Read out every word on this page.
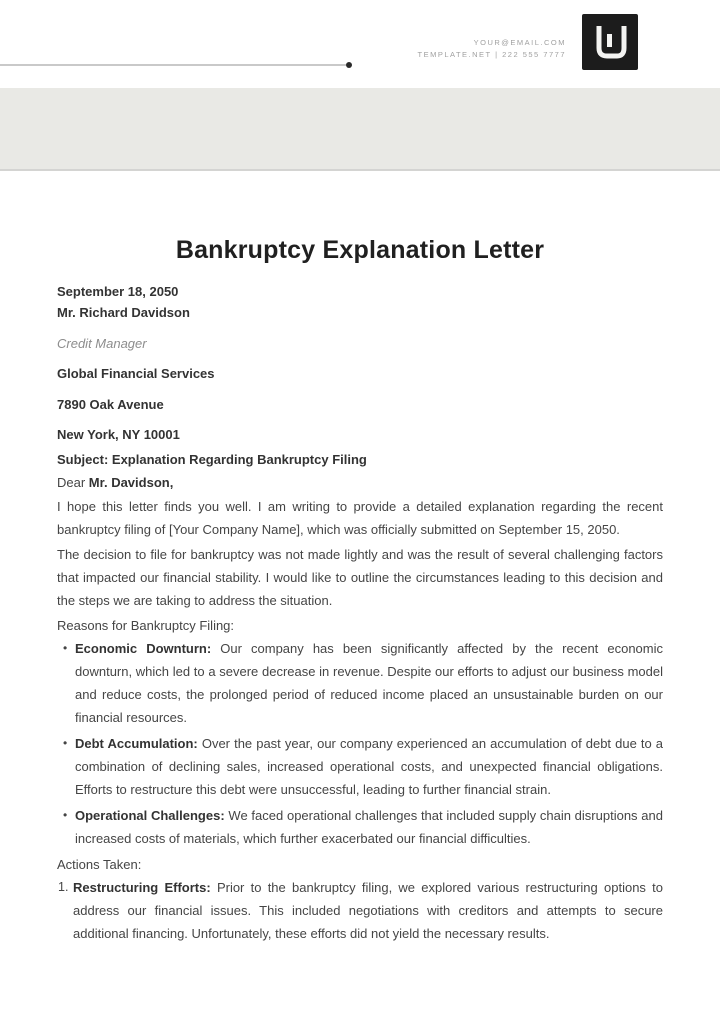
YOUR@EMAIL.COM
TEMPLATE.NET | 222 555 7777
Bankruptcy Explanation Letter

September 18, 2050

Mr. Richard Davidson

Credit Manager

Global Financial Services

7890 Oak Avenue

New York, NY 10001

Subject: Explanation Regarding Bankruptcy Filing

Dear Mr. Davidson,

I hope this letter finds you well. I am writing to provide a detailed explanation regarding the recent bankruptcy filing of [Your Company Name], which was officially submitted on September 15, 2050.

The decision to file for bankruptcy was not made lightly and was the result of several challenging factors that impacted our financial stability. I would like to outline the circumstances leading to this decision and the steps we are taking to address the situation.

Reasons for Bankruptcy Filing:

• Economic Downturn: Our company has been significantly affected by the recent economic downturn, which led to a severe decrease in revenue. Despite our efforts to adjust our business model and reduce costs, the prolonged period of reduced income placed an unsustainable burden on our financial resources.
• Debt Accumulation: Over the past year, our company experienced an accumulation of debt due to a combination of declining sales, increased operational costs, and unexpected financial obligations. Efforts to restructure this debt were unsuccessful, leading to further financial strain.
• Operational Challenges: We faced operational challenges that included supply chain disruptions and increased costs of materials, which further exacerbated our financial difficulties.

Actions Taken:

Restructuring Efforts: Prior to the bankruptcy filing, we explored various restructuring options to address our financial issues. This included negotiations with creditors and attempts to secure additional financing. Unfortunately, these efforts did not yield the necessary results.
